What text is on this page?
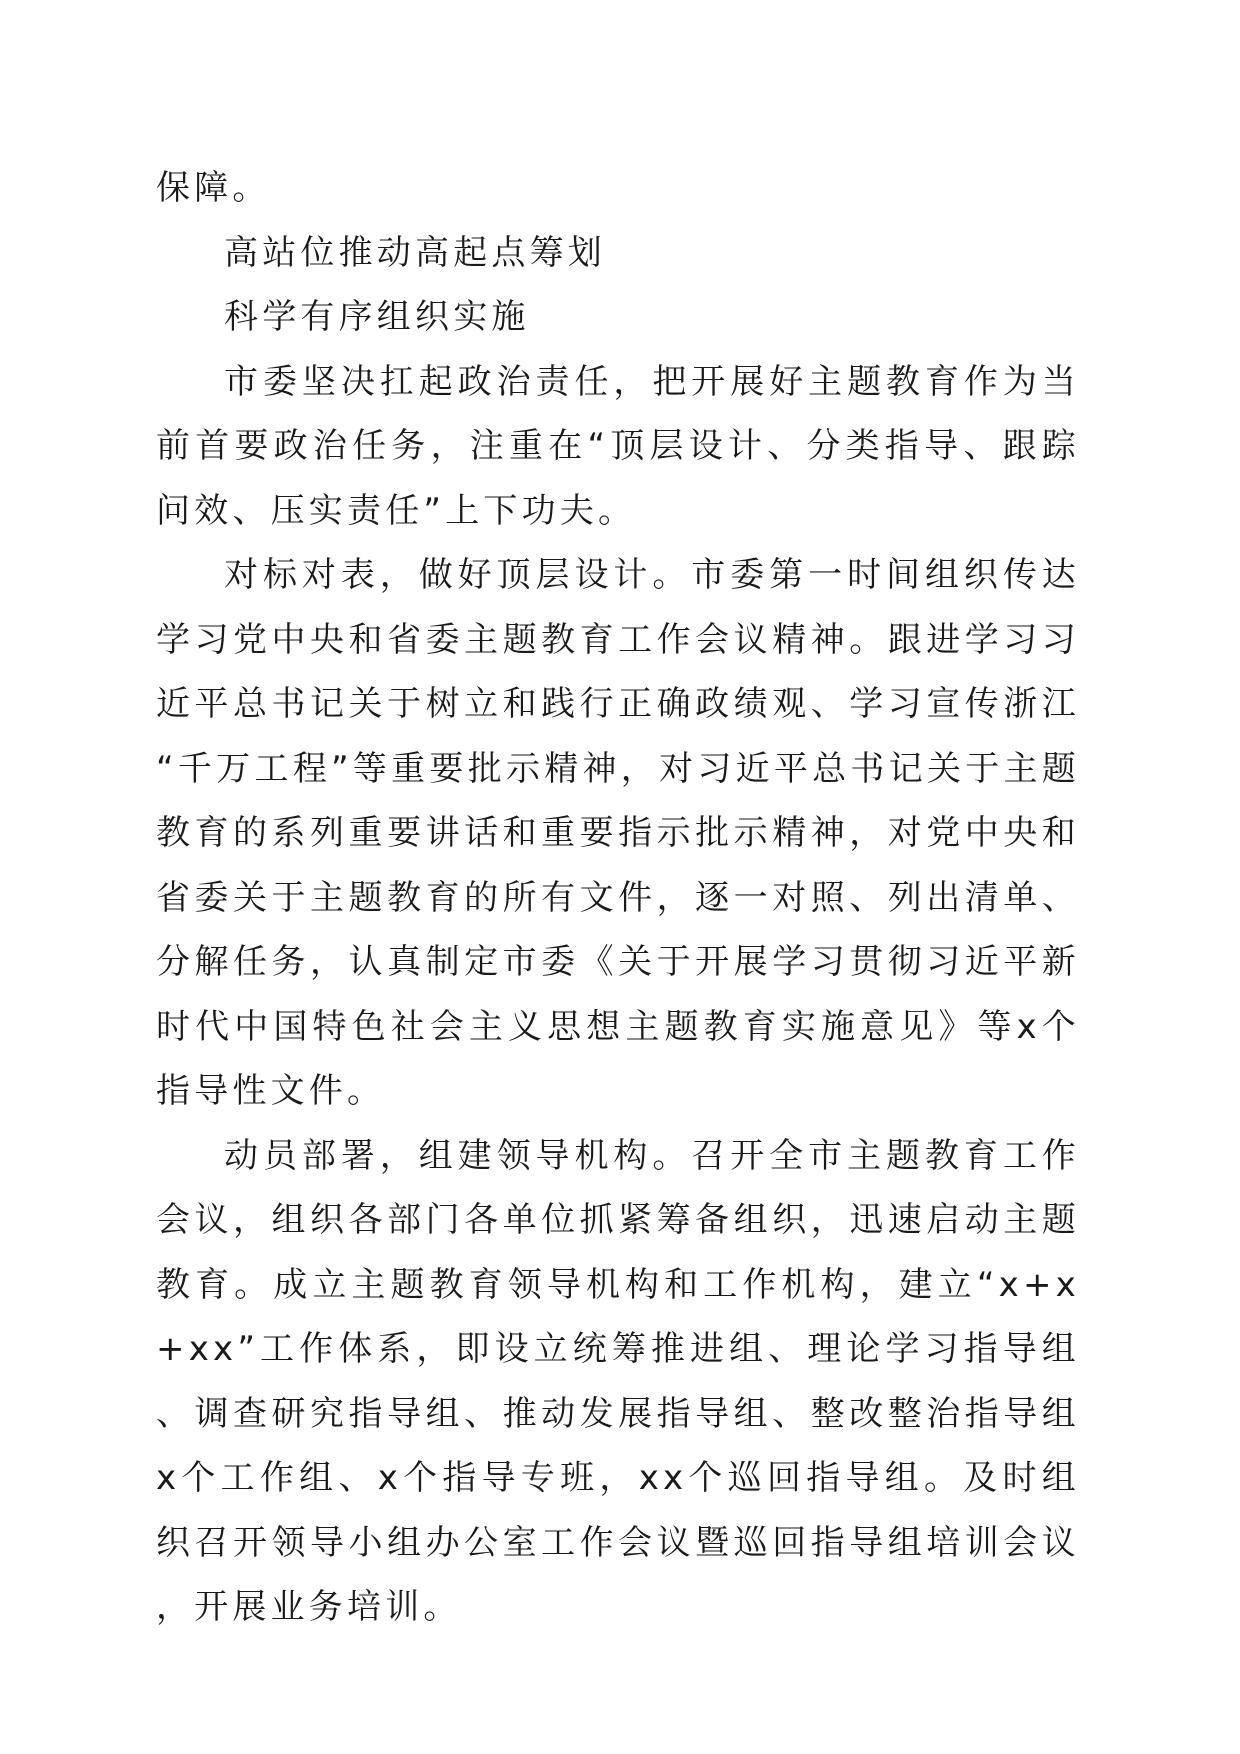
保障。

高站位推动高起点筹划

科学有序组织实施

市委坚决扛起政治责任，把开展好主题教育作为当前首要政治任务，注重在“顶层设计、分类指导、跟踪问效、压实责任”上下功夫。

对标对表，做好顶层设计。市委第一时间组织传达学习党中央和省委主题教育工作会议精神。跟进学习习近平总书记关于树立和践行正确政绩观、学习宣传浙江“千万工程”等重要批示精神，对习近平总书记关于主题教育的系列重要讲话和重要指示批示精神，对党中央和省委关于主题教育的所有文件，逐一对照、列出清单、分解任务，认真制定市委《关于开展学习贯彻习近平新时代中国特色社会主义思想主题教育实施意见》等x个指导性文件。

动员部署，组建领导机构。召开全市主题教育工作会议，组织各部门各单位抓紧筹备组织，迅速启动主题教育。成立主题教育领导机构和工作机构，建立“x+x+xx”工作体系，即设立统筹推进组、理论学习指导组、调查研究指导组、推动发展指导组、整改整治指导组x个工作组、x个指导专班，xx个巡回指导组。及时组织召开领导小组办公室工作会议暨巡回指导组培训会议，开展业务培训。
